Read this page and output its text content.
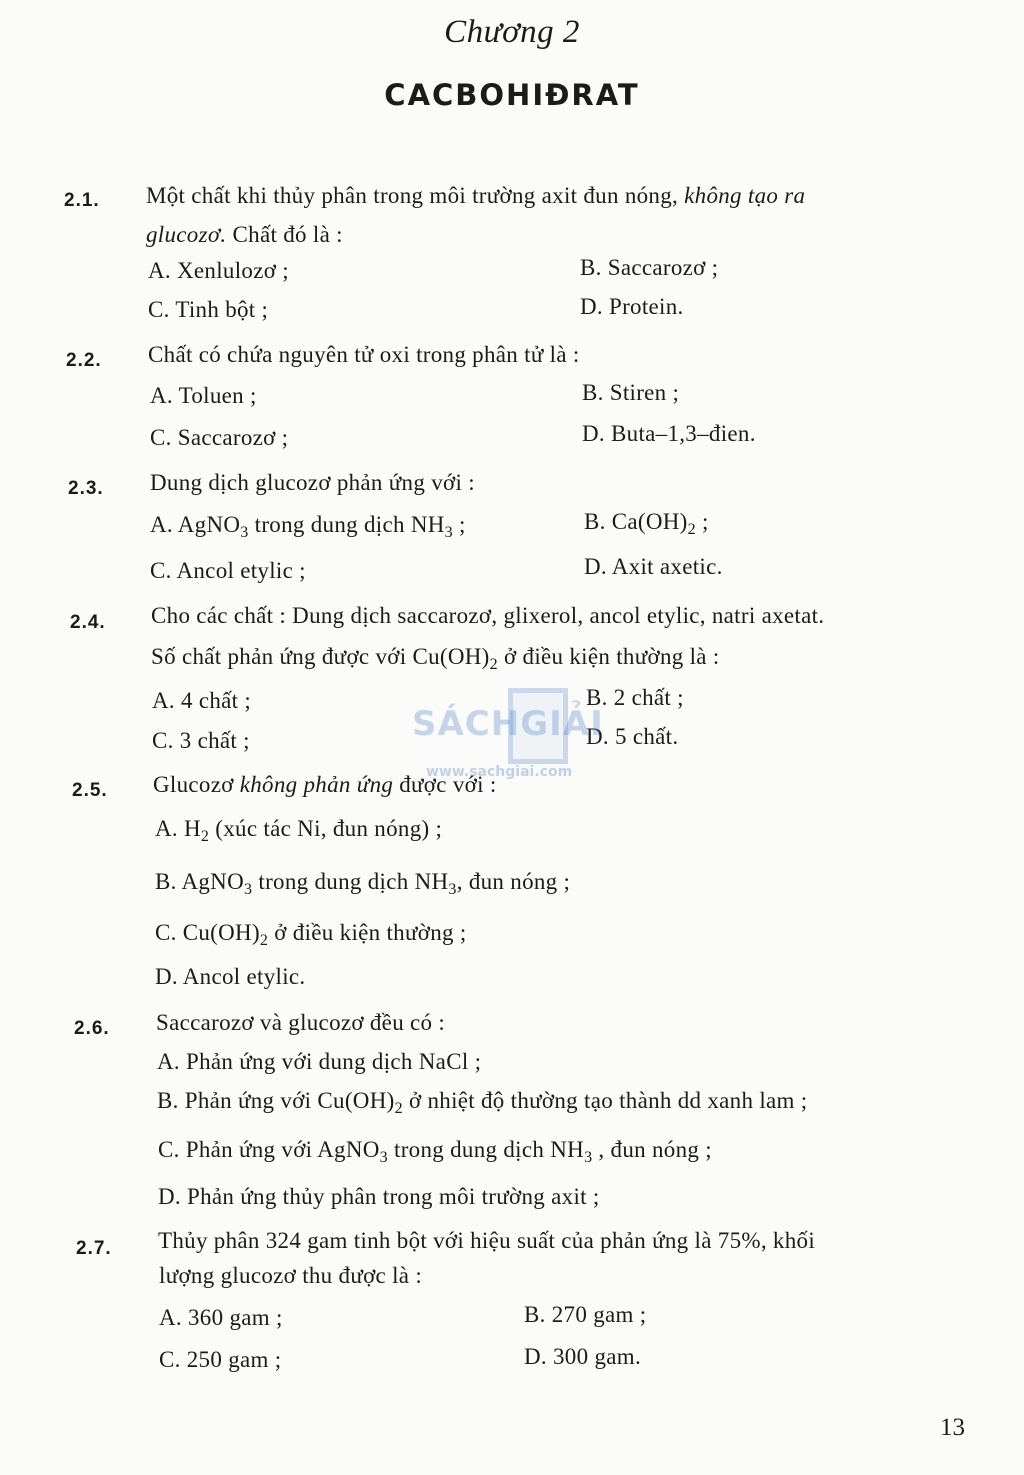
Chương 2
CACBOHIĐRAT
2.1. Một chất khi thủy phân trong môi trường axit đun nóng, không tạo ra
glucozơ. Chất đó là :
A. Xenlulozơ ;	B. Saccarozơ ;
C. Tinh bột ;	D. Protein.
2.2. Chất có chứa nguyên tử oxi trong phân tử là :
A. Toluen ;	B. Stiren ;
C. Saccarozơ ;	D. Buta–1,3–đien.
2.3. Dung dịch glucozơ phản ứng với :
A. AgNO$_3$ trong dung dịch $NH_3$ ;	B. $Ca(OH)_2$ ;
C. Ancol etylic ;	D. Axit axetic.
2.4. Cho các chất : Dung dịch saccarozơ, glixerol, ancol etylic, natri axetat.
Số chất phản ứng được với $Cu(OH)_2$ ở điều kiện thường là :
A. 4 chất ;	B. 2 chất ;
C. 3 chất ;	D. 5 chất.
2.5. Glucozơ không phản ứng được với :
A. $H_2$ (xúc tác Ni, đun nóng) ;
B. AgNO$_3$ trong dung dịch $NH_3$, đun nóng ;
C. $Cu(OH)_2$ ở điều kiện thường ;
D. Ancol etylic.
2.6. Saccarozơ và glucozơ đều có :
A. Phản ứng với dung dịch NaCl ;
B. Phản ứng với $Cu(OH)_2$ ở nhiệt độ thường tạo thành dd xanh lam ;
C. Phản ứng với AgNO$_3$ trong dung dịch $NH_3$ , đun nóng ;
D. Phản ứng thủy phân trong môi trường axit ;
2.7. Thủy phân 324 gam tinh bột với hiệu suất của phản ứng là 75%, khối
lượng glucozơ thu được là :
A. 360 gam ;	B. 270 gam ;
C. 250 gam ;	D. 300 gam.
SÁCHGIẢI
www.sachgiai.com
13
